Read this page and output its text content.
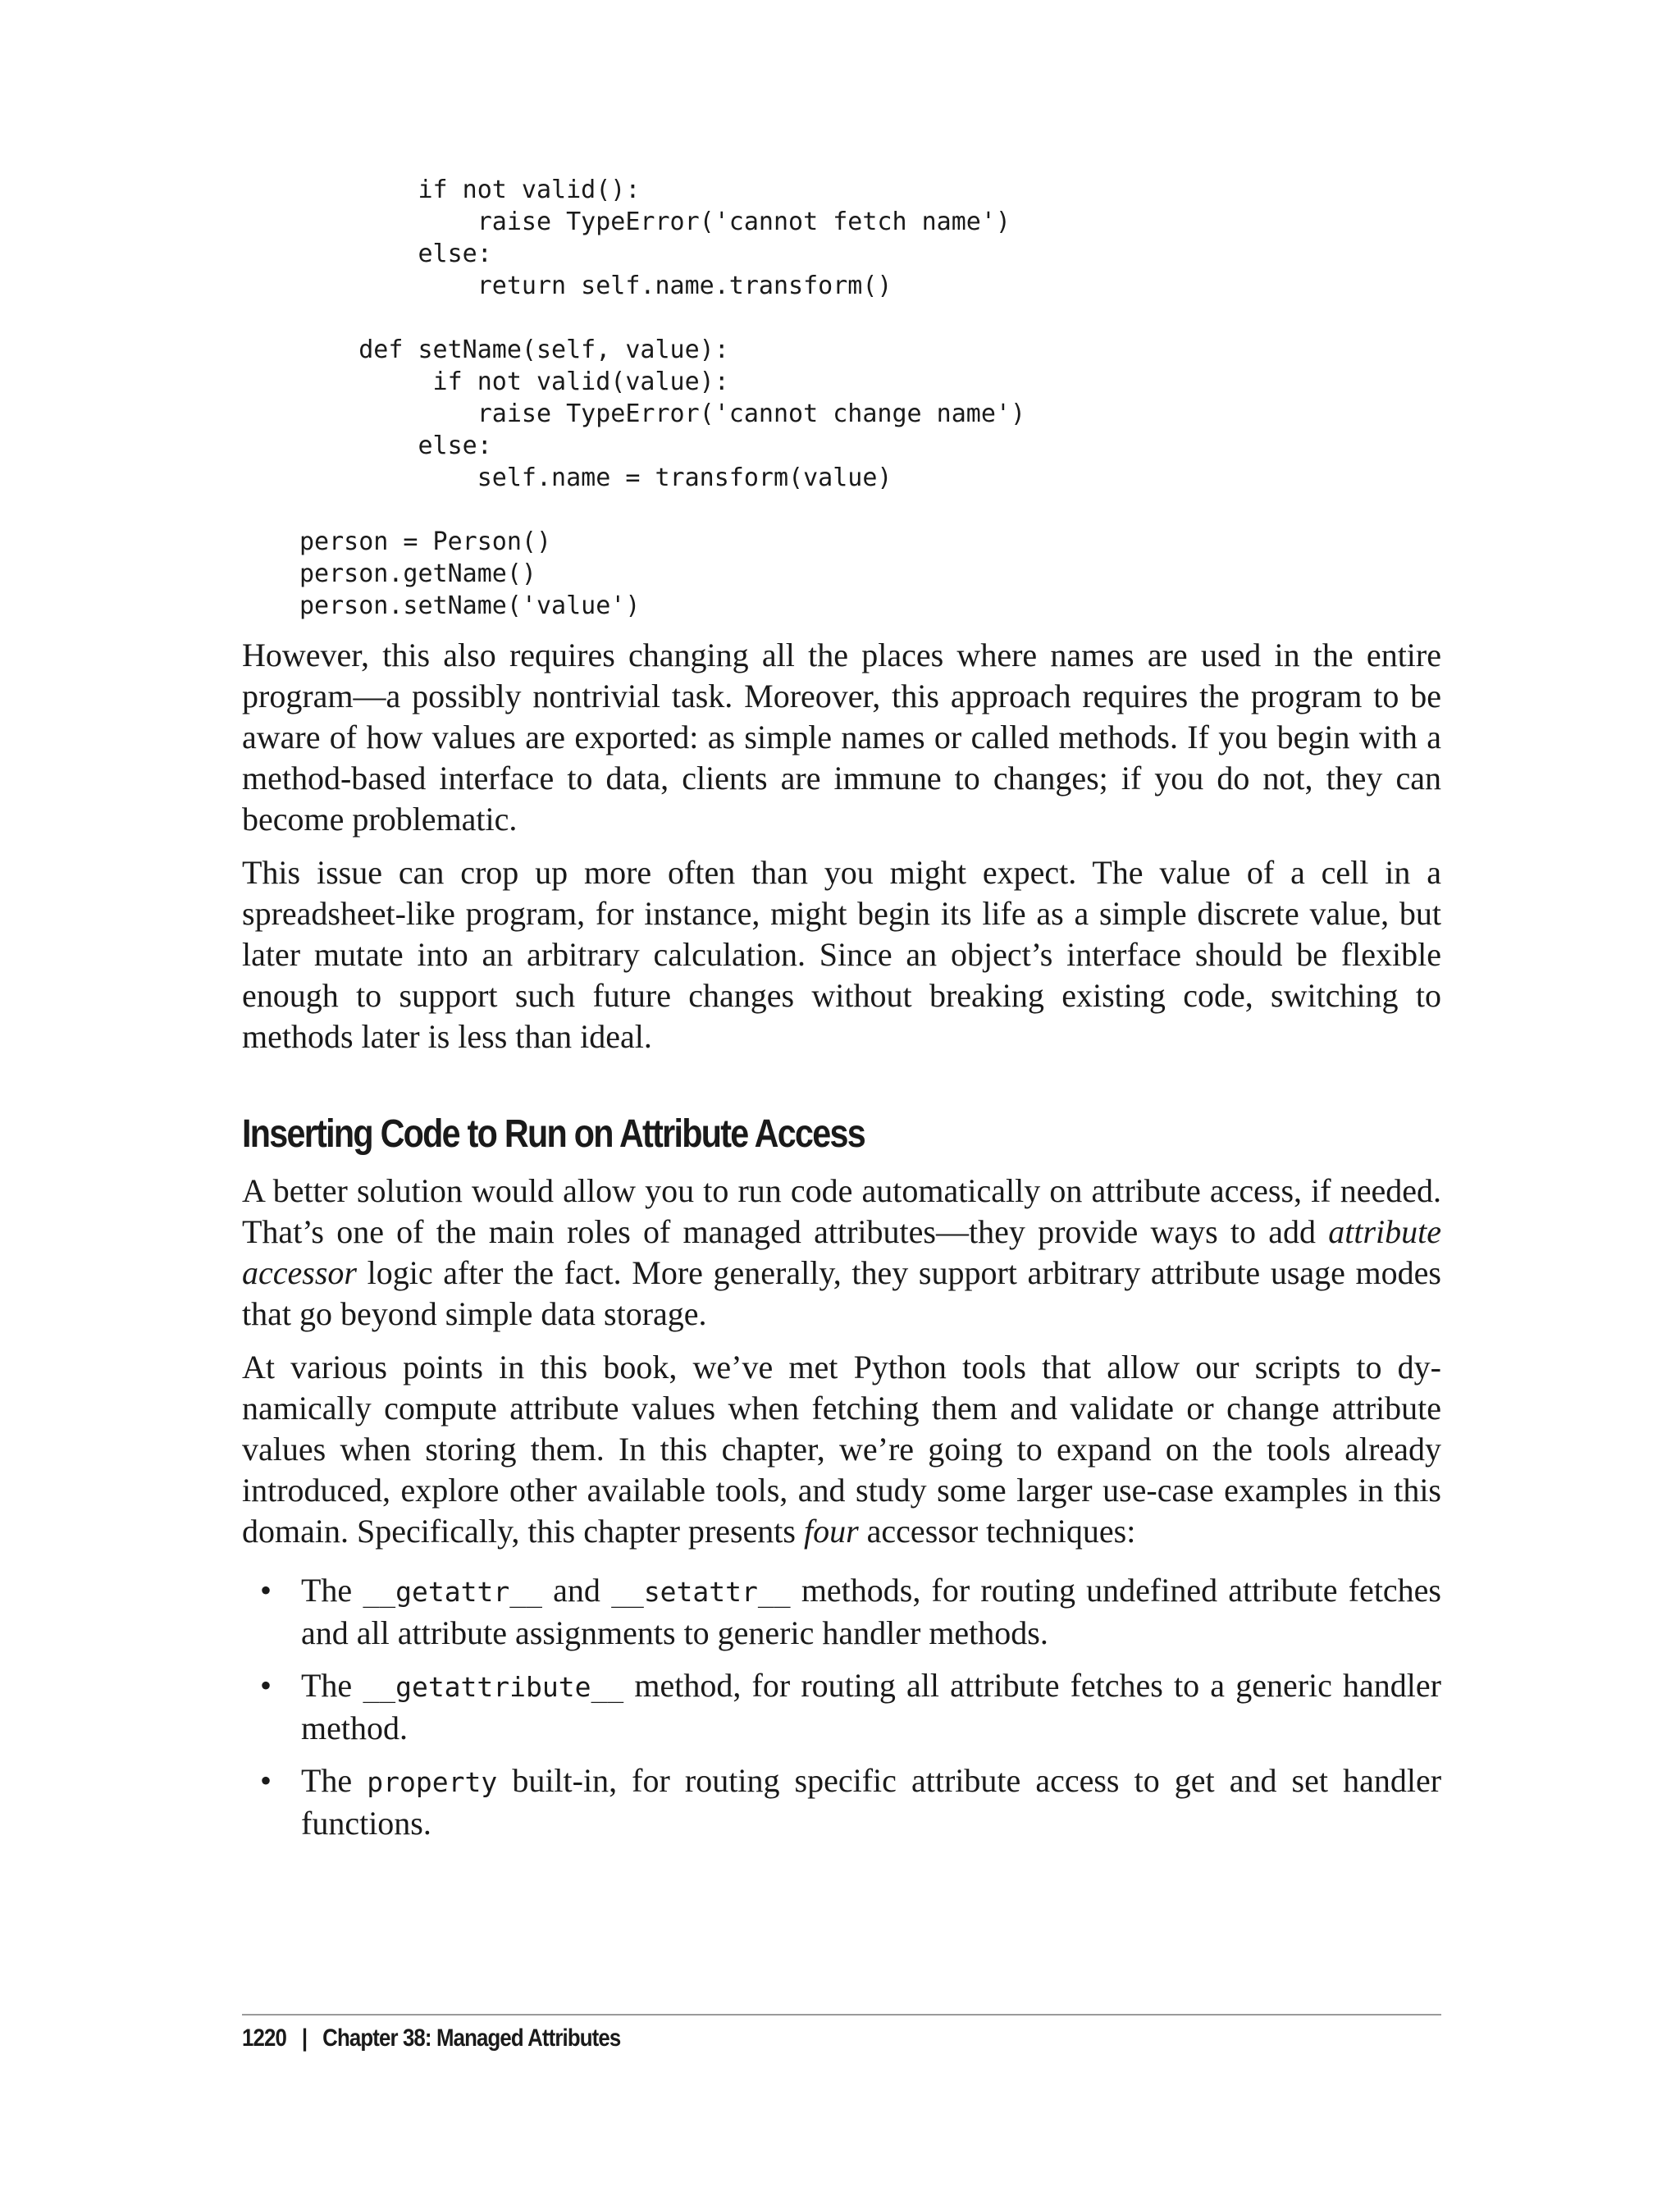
if not valid():
raise TypeError('cannot fetch name')
else:
return self.name.transform()
def setName(self, value):
if not valid(value):
raise TypeError('cannot change name')
else:
self.name = transform(value)
person = Person()
person.getName()
person.setName('value')

However, this also requires changing all the places where names are used in the entire program—a possibly nontrivial task. Moreover, this approach requires the program to be aware of how values are exported: as simple names or called methods. If you begin with a method-based interface to data, clients are immune to changes; if you do not, they can become problematic.

This issue can crop up more often than you might expect. The value of a cell in a spreadsheet-like program, for instance, might begin its life as a simple discrete value, but later mutate into an arbitrary calculation. Since an object’s interface should be flexible enough to support such future changes without breaking existing code, switching to methods later is less than ideal.

Inserting Code to Run on Attribute Access

A better solution would allow you to run code automatically on attribute access, if needed. That’s one of the main roles of managed attributes—they provide ways to add attribute accessor logic after the fact. More generally, they support arbitrary attribute usage modes that go beyond simple data storage.

At various points in this book, we’ve met Python tools that allow our scripts to dynamically compute attribute values when fetching them and validate or change attribute values when storing them. In this chapter, we’re going to expand on the tools already introduced, explore other available tools, and study some larger use-case examples in this domain. Specifically, this chapter presents four accessor techniques:

• The __getattr__ and __setattr__ methods, for routing undefined attribute fetches and all attribute assignments to generic handler methods.
• The __getattribute__ method, for routing all attribute fetches to a generic handler method.
• The property built-in, for routing specific attribute access to get and set handler functions.
1220 | Chapter 38: Managed Attributes
